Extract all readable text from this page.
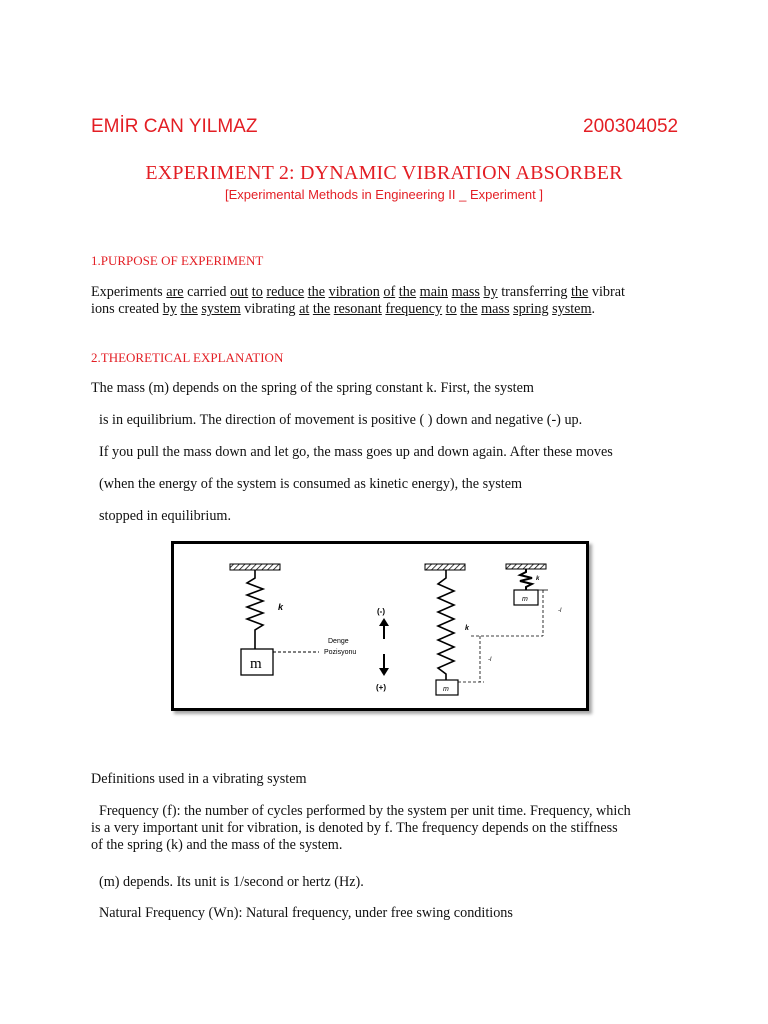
EMİR CAN YILMAZ	200304052
EXPERIMENT 2: DYNAMIC VIBRATION ABSORBER
[Experimental Methods in Engineering II _ Experiment ]
1.PURPOSE OF EXPERIMENT
Experiments are carried out to reduce the vibration of the main mass by transferring the vibrat
ions created by the system vibrating at the resonant frequency to the mass spring system.
2.THEORETICAL EXPLANATION
The mass (m) depends on the spring of the spring constant k. First, the system
is in equilibrium. The direction of movement is positive ( ) down and negative (-) up.
If you pull the mass down and let go, the mass goes up and down again. After these moves
(when the energy of the system is consumed as kinetic energy), the system
stopped in equilibrium.
k
m
Denge
Pozisyonu
(-)
(+)
k
m
k
m
-l
-l
Definitions used in a vibrating system
Frequency (f): the number of cycles performed by the system per unit time. Frequency, which
is a very important unit for vibration, is denoted by f. The frequency depends on the stiffness
of the spring (k) and the mass of the system.
(m) depends. Its unit is 1/second or hertz (Hz).
Natural Frequency (Wn): Natural frequency, under free swing conditions
